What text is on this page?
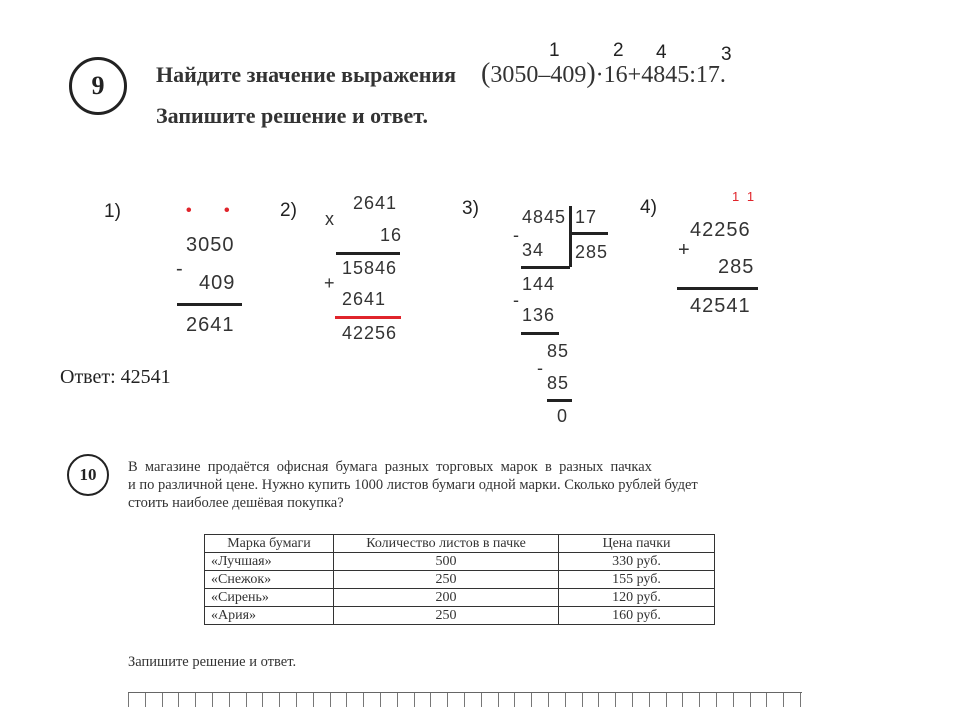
9 Найдите значение выражения (3050–409)·16+4845:17.
Запишите решение и ответ.
1	2 4	3
1)	2)	3)	4)
• •
3050
-
409
2641
2641
x
16
15846
+
2641
42256
4845 17
285
-
34
144
-
136
85
-
85
0
1 1
42256
+
285
42541
Ответ: 42541
10 В  магазине  продаётся  офисная  бумага  разных  торговых  марок  в  разных  пачках
и по различной цене. Нужно купить 1000 листов бумаги одной марки. Сколько рублей будет
стоить наиболее дешёвая покупка?
Марка бумаги	Количество листов в пачке	Цена пачки
«Лучшая»	500	330 руб.
«Снежок»	250	155 руб.
«Сирень»	200	120 руб.
«Ария»	250	160 руб.
Запишите решение и ответ.
